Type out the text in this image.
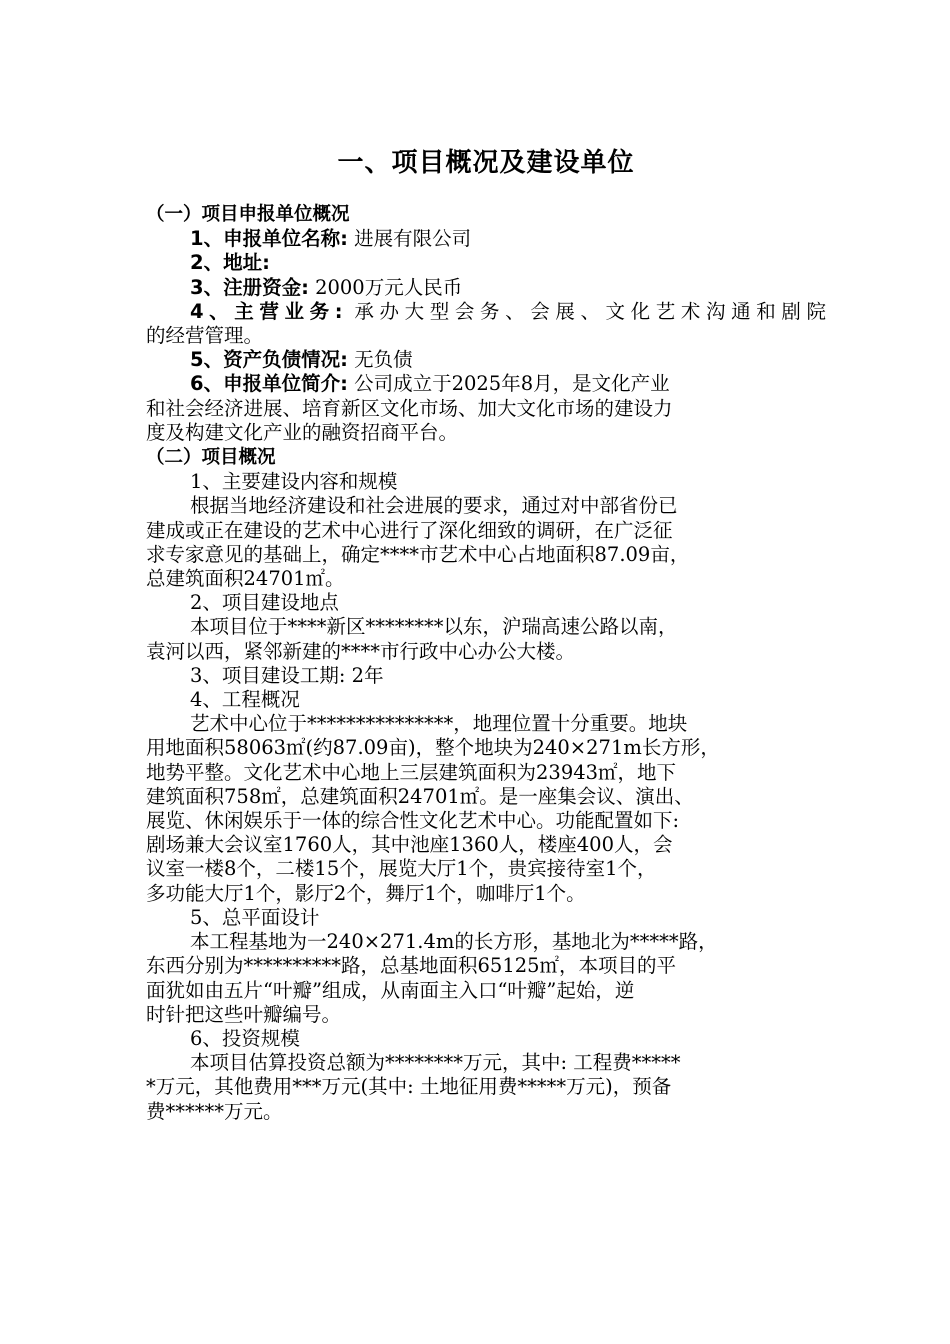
一、项目概况及建设单位
（一）项目申报单位概况
1、申报单位名称: 进展有限公司
2、地址:
3、注册资金: 2000万元人民币
4、主营业务: 承办大型会务、会展、文化艺术沟通和剧院
的经营管理。
5、资产负债情况: 无负债
6、申报单位简介: 公司成立于2025年8月，是文化产业
和社会经济进展、培育新区文化市场、加大文化市场的建设力
度及构建文化产业的融资招商平台。
（二）项目概况
1、主要建设内容和规模
根据当地经济建设和社会进展的要求，通过对中部省份已
建成或正在建设的艺术中心进行了深化细致的调研，在广泛征
求专家意见的基础上，确定****市艺术中心占地面积87.09亩，
总建筑面积24701㎡。
2、项目建设地点
本项目位于****新区********以东，沪瑞高速公路以南，
袁河以西，紧邻新建的****市行政中心办公大楼。
3、项目建设工期: 2年
4、工程概况
艺术中心位于***************，地理位置十分重要。地块
用地面积58063㎡(约87.09亩)，整个地块为240×271m长方形，
地势平整。文化艺术中心地上三层建筑面积为23943㎡，地下
建筑面积758㎡，总建筑面积24701㎡。是一座集会议、演出、
展览、休闲娱乐于一体的综合性文化艺术中心。功能配置如下:
剧场兼大会议室1760人，其中池座1360人，楼座400人，会
议室一楼8个，二楼15个，展览大厅1个，贵宾接待室1个，
多功能大厅1个，影厅2个，舞厅1个，咖啡厅1个。
5、总平面设计
本工程基地为一240×271.4m的长方形，基地北为*****路，
东西分别为**********路，总基地面积65125㎡，本项目的平
面犹如由五片“叶瓣”组成，从南面主入口“叶瓣”起始，逆
时针把这些叶瓣编号。
6、投资规模
本项目估算投资总额为********万元，其中: 工程费*****
*万元，其他费用***万元(其中: 土地征用费*****万元)，预备
费******万元。
